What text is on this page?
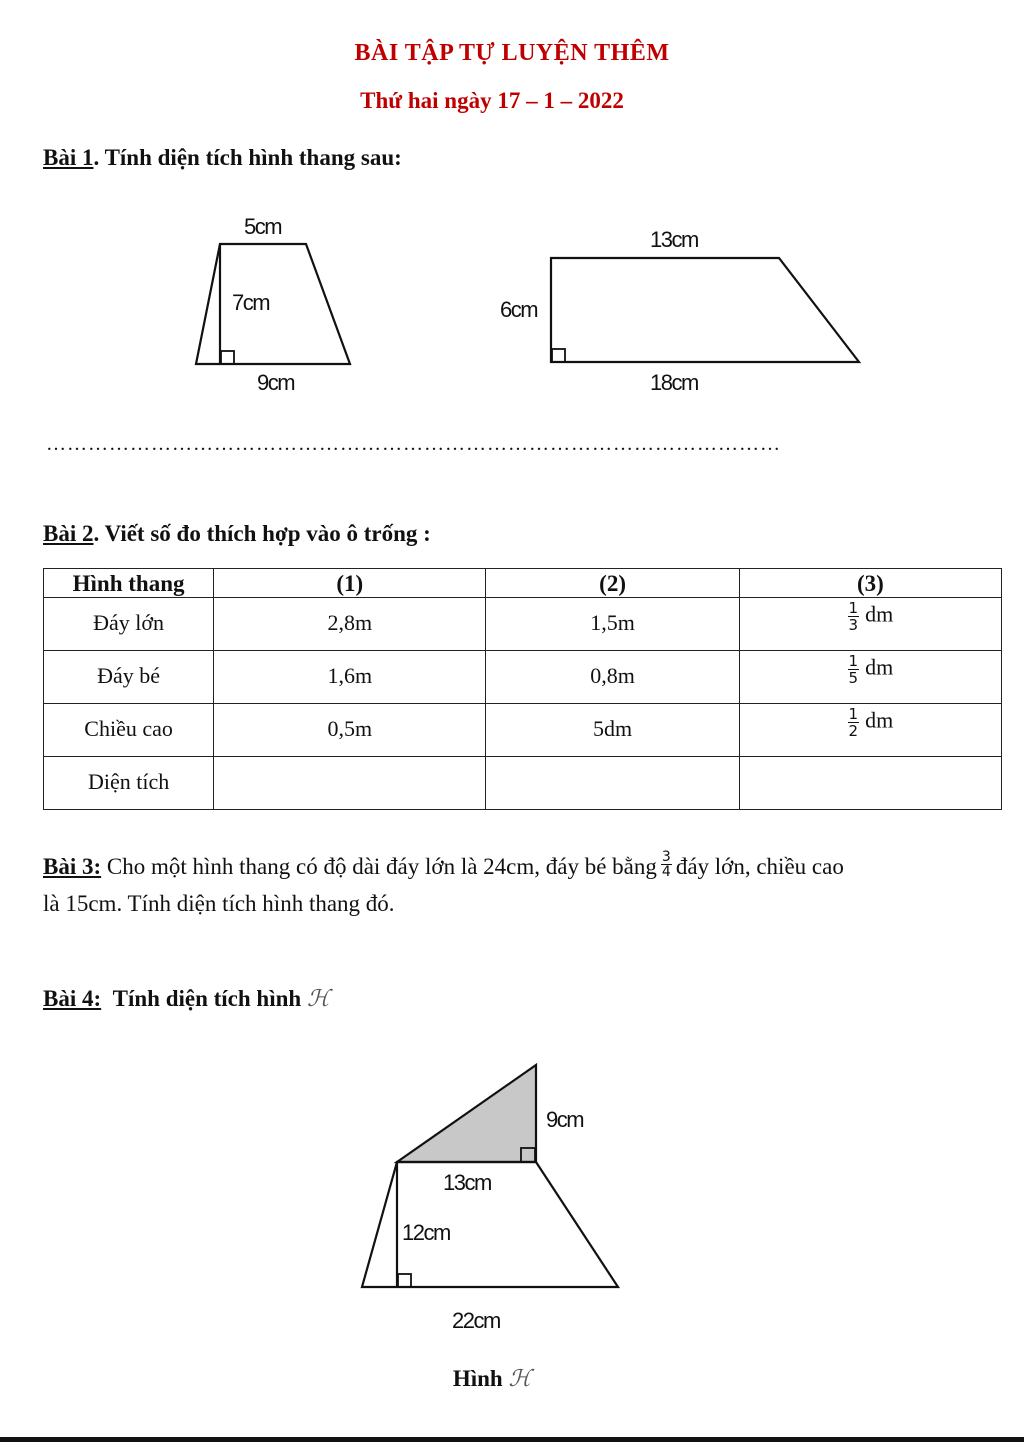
BÀI TẬP TỰ LUYỆN THÊM
Thứ hai ngày 17 – 1 – 2022
Bài 1. Tính diện tích hình thang sau:
5cm
7cm
9cm
13cm
6cm
18cm
……………………………………………………………………………………………
Bài 2. Viết số đo thích hợp vào ô trống :
Hình thang	(1)	(2)	(3)
Đáy lớn	2,8m	1,5m	$\frac{1}{3}$ dm
Đáy bé	1,6m	0,8m	$\frac{1}{5}$ dm
Chiều cao	0,5m	5dm	$\frac{1}{2}$ dm
Diện tích			
Bài 3: Cho một hình thang có độ dài đáy lớn là 24cm, đáy bé bằng $\frac{3}{4}$ đáy lớn, chiều cao
là 15cm. Tính diện tích hình thang đó.
Bài 4: Tính diện tích hình ℋ
9cm
13cm
12cm
22cm
Hình ℋ
